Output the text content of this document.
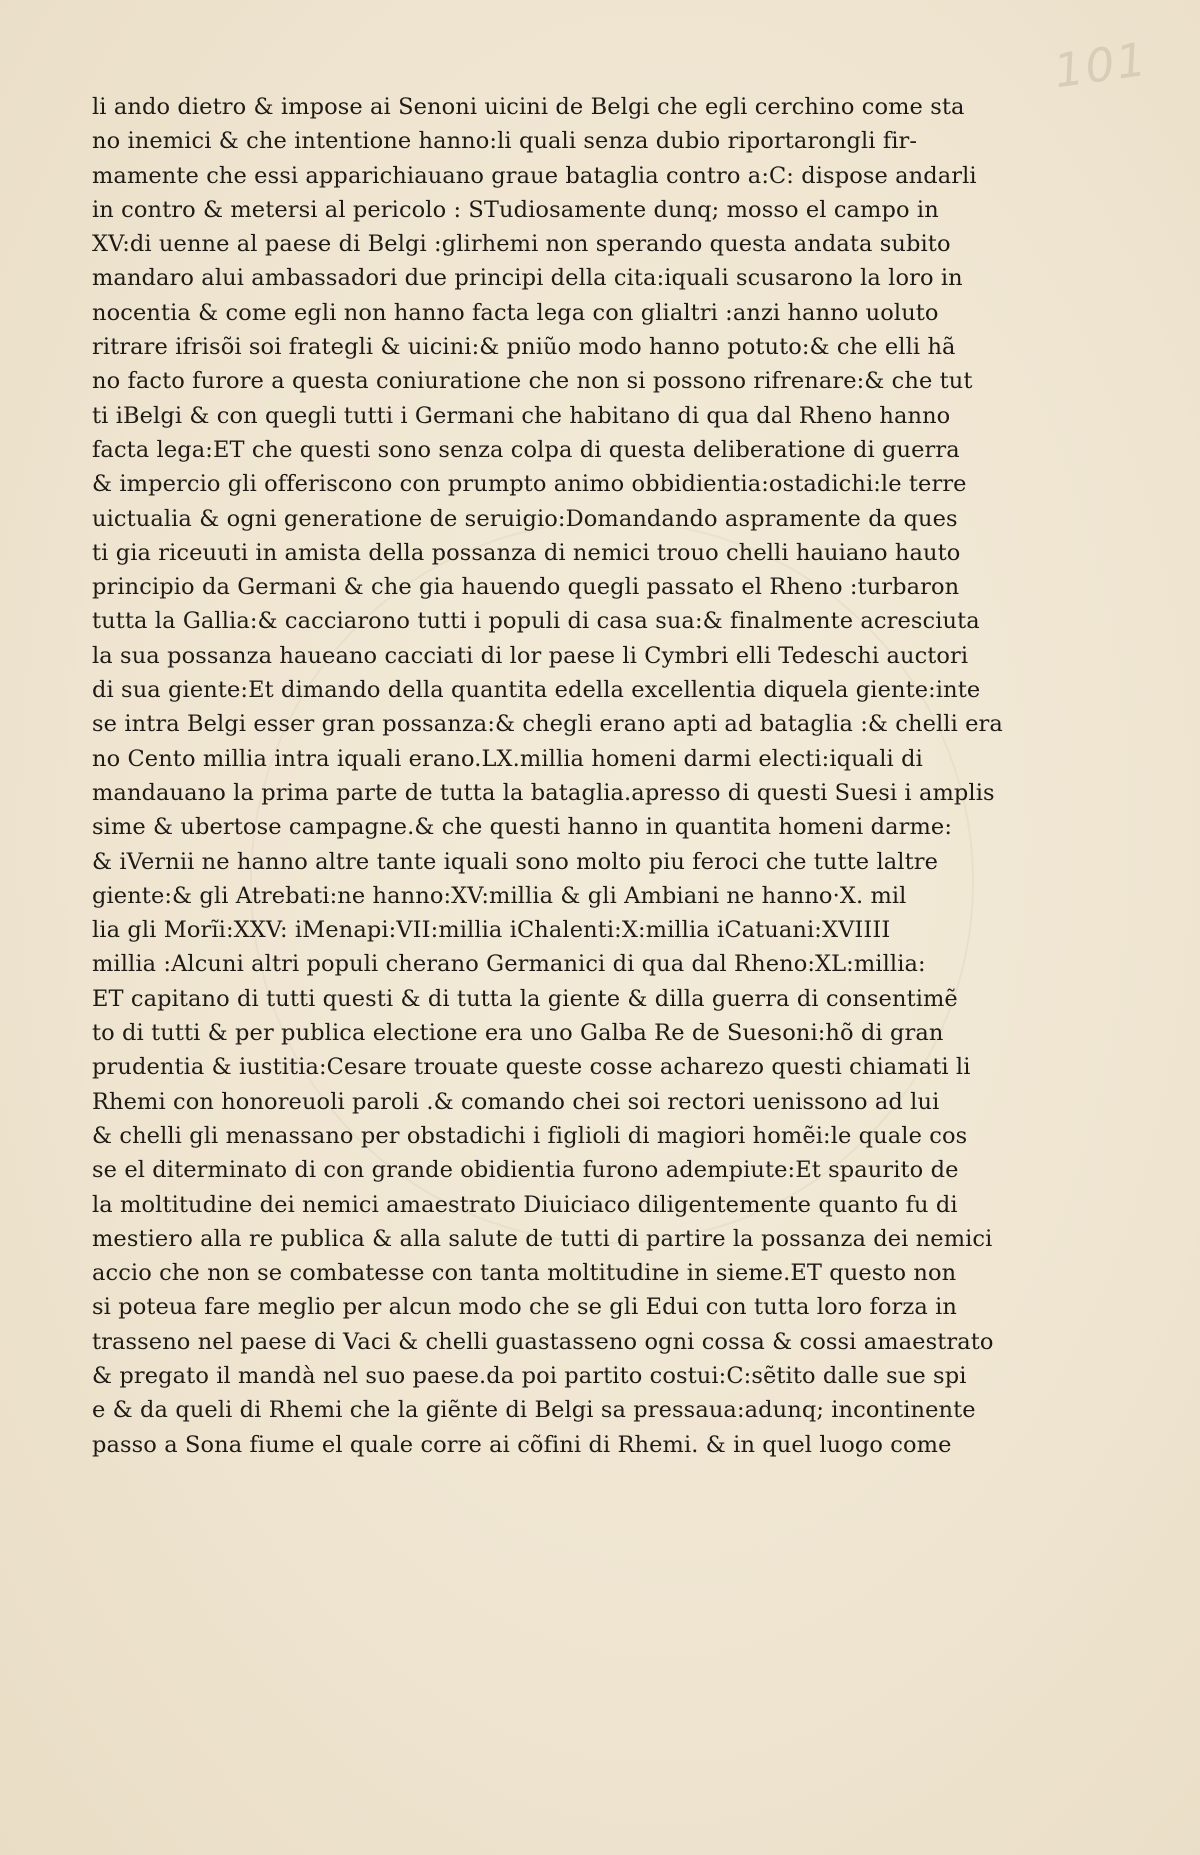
101
li ando dietro & impose ai Senoni uicini de Belgi che egli cerchino come sta
no inemici & che intentione hanno:li quali senza dubio riportarongli fir-
mamente che essi apparichiauano graue bataglia contro a:C: dispose andarli
in contro & metersi al pericolo : STudiosamente dunq; mosso el campo in
XV:di uenne al paese di Belgi :glirhemi non sperando questa andata subito
mandaro alui ambassadori due principi della cita:iquali scusarono la loro in
nocentia & come egli non hanno facta lega con glialtri :anzi hanno uoluto
ritrare ifrisõi soi frategli & uicini:& pniũo modo hanno potuto:& che elli hã
no facto furore a questa coniuratione che non si possono rifrenare:& che tut
ti iBelgi & con quegli tutti i Germani che habitano di qua dal Rheno hanno
facta lega:ET che questi sono senza colpa di questa deliberatione di guerra
& impercio gli offeriscono con prumpto animo obbidientia:ostadichi:le terre
uictualia & ogni generatione de seruigio:Domandando aspramente da ques
ti gia riceuuti in amista della possanza di nemici trouo chelli hauiano hauto
principio da Germani & che gia hauendo quegli passato el Rheno :turbaron
tutta la Gallia:& cacciarono tutti i populi di casa sua:& finalmente acresciuta
la sua possanza haueano cacciati di lor paese li Cymbri elli Tedeschi auctori
di sua giente:Et dimando della quantita edella excellentia diquela giente:inte
se intra Belgi esser gran possanza:& chegli erano apti ad bataglia :& chelli era
no Cento millia intra iquali erano.LX.millia homeni darmi electi:iquali di
mandauano la prima parte de tutta la bataglia.apresso di questi Suesi i amplis
sime & ubertose campagne.& che questi hanno in quantita homeni darme:
& iVernii ne hanno altre tante iquali sono molto piu feroci che tutte laltre
giente:& gli Atrebati:ne hanno:XV:millia & gli Ambiani ne hanno·X. mil
lia gli Morĩi:XXV: iMenapi:VII:millia iChalenti:X:millia iCatuani:XVIIII
millia :Alcuni altri populi cherano Germanici di qua dal Rheno:XL:millia:
ET capitano di tutti questi & di tutta la giente & dilla guerra di consentimẽ
to di tutti & per publica electione era uno Galba Re de Suesoni:hõ di gran
prudentia & iustitia:Cesare trouate queste cosse acharezo questi chiamati li
Rhemi con honoreuoli paroli .& comando chei soi rectori uenissono ad lui
& chelli gli menassano per obstadichi i figlioli di magiori homẽi:le quale cos
se el diterminato di con grande obidientia furono adempiute:Et spaurito de
la moltitudine dei nemici amaestrato Diuiciaco diligentemente quanto fu di
mestiero alla re publica & alla salute de tutti di partire la possanza dei nemici
accio che non se combatesse con tanta moltitudine in sieme.ET questo non
si poteua fare meglio per alcun modo che se gli Edui con tutta loro forza in
trasseno nel paese di Vaci & chelli guastasseno ogni cossa & cossi amaestrato
& pregato il mandà nel suo paese.da poi partito costui:C:sẽtito dalle sue spi
e & da queli di Rhemi che la giẽnte di Belgi sa pressaua:adunq; incontinente
passo a Sona fiume el quale corre ai cõfini di Rhemi. & in quel luogo come
